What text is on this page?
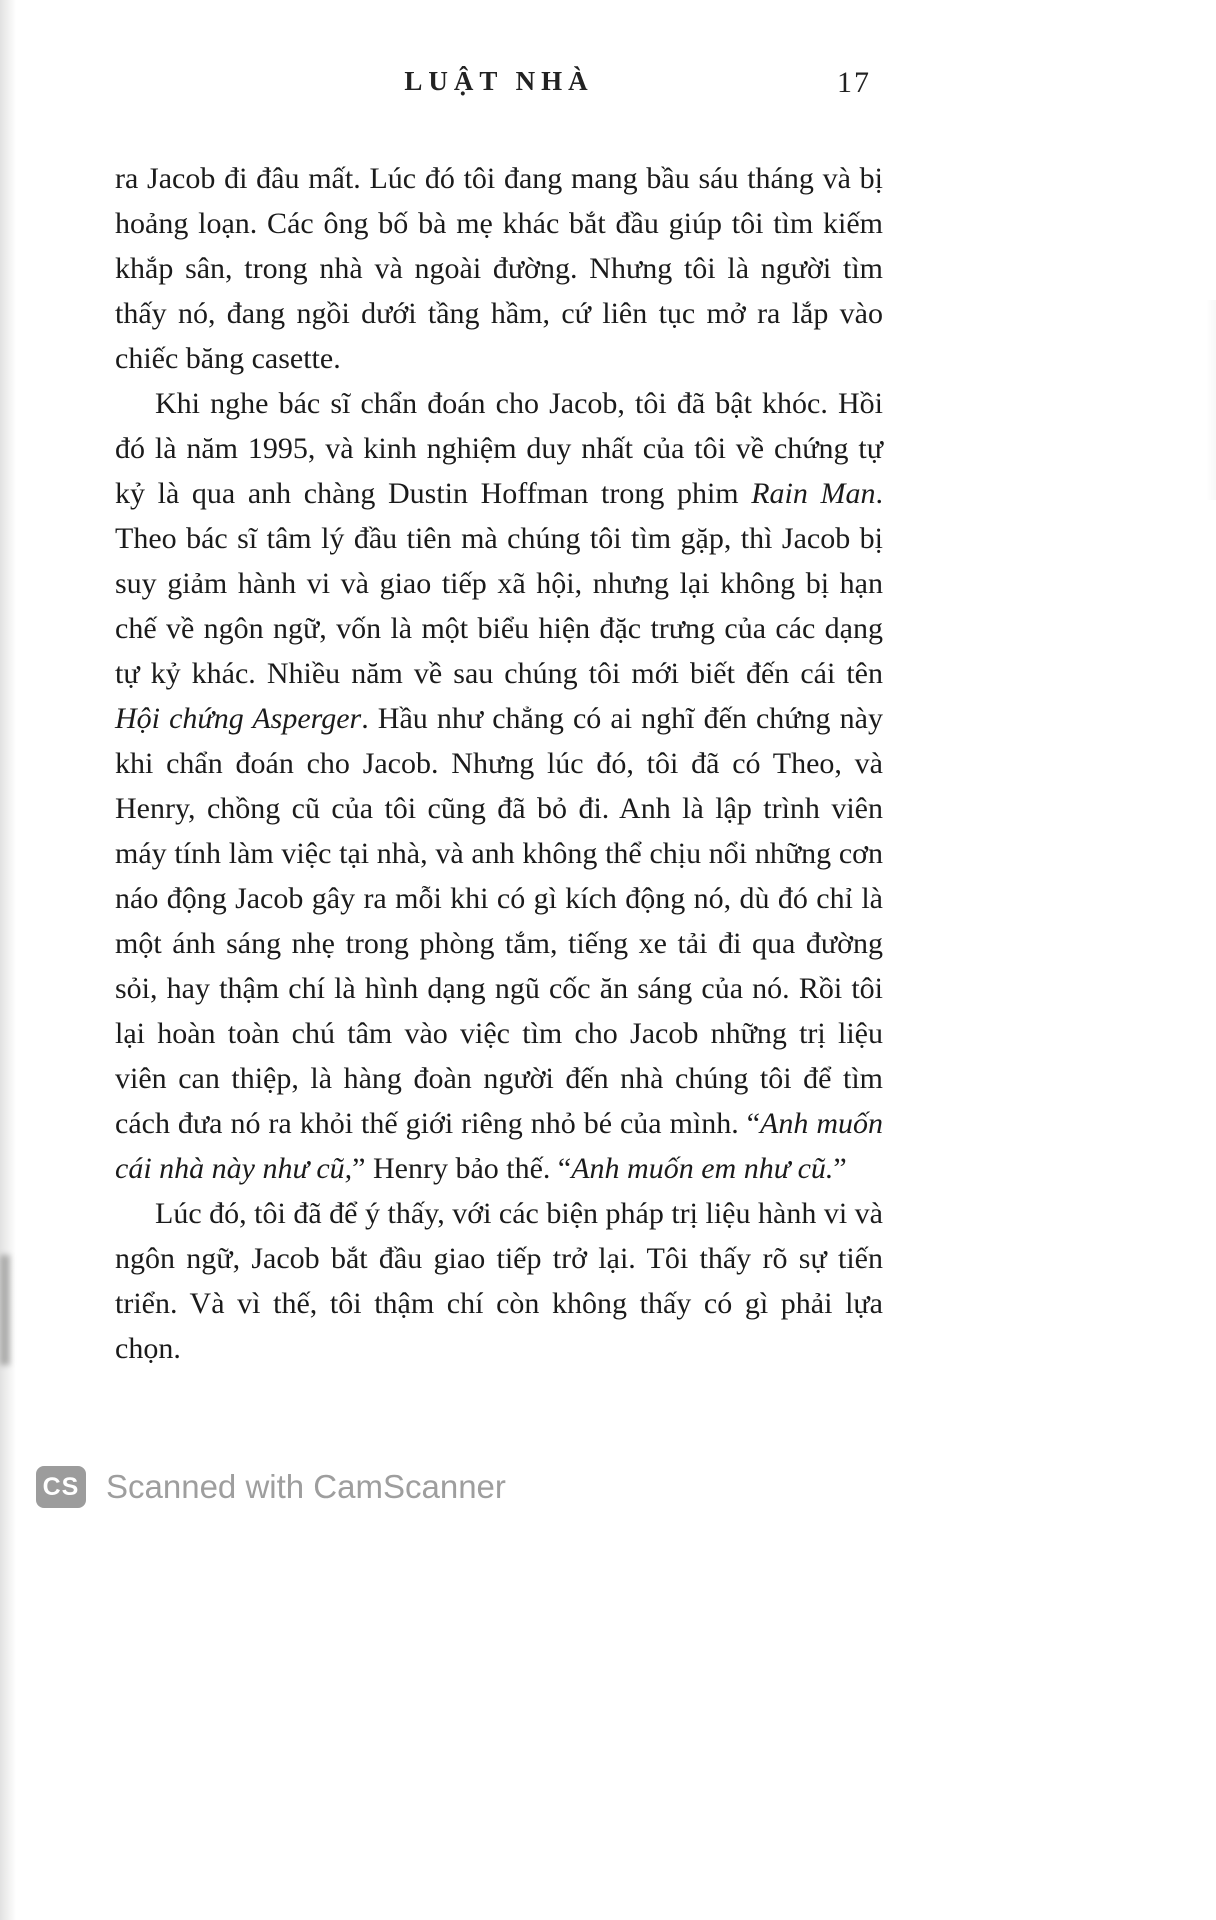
LUẬT NHÀ	17

ra Jacob đi đâu mất. Lúc đó tôi đang mang bầu sáu tháng và bị hoảng loạn. Các ông bố bà mẹ khác bắt đầu giúp tôi tìm kiếm khắp sân, trong nhà và ngoài đường. Nhưng tôi là người tìm thấy nó, đang ngồi dưới tầng hầm, cứ liên tục mở ra lắp vào chiếc băng casette.

Khi nghe bác sĩ chẩn đoán cho Jacob, tôi đã bật khóc. Hồi đó là năm 1995, và kinh nghiệm duy nhất của tôi về chứng tự kỷ là qua anh chàng Dustin Hoffman trong phim Rain Man. Theo bác sĩ tâm lý đầu tiên mà chúng tôi tìm gặp, thì Jacob bị suy giảm hành vi và giao tiếp xã hội, nhưng lại không bị hạn chế về ngôn ngữ, vốn là một biểu hiện đặc trưng của các dạng tự kỷ khác. Nhiều năm về sau chúng tôi mới biết đến cái tên Hội chứng Asperger. Hầu như chẳng có ai nghĩ đến chứng này khi chẩn đoán cho Jacob. Nhưng lúc đó, tôi đã có Theo, và Henry, chồng cũ của tôi cũng đã bỏ đi. Anh là lập trình viên máy tính làm việc tại nhà, và anh không thể chịu nổi những cơn náo động Jacob gây ra mỗi khi có gì kích động nó, dù đó chỉ là một ánh sáng nhẹ trong phòng tắm, tiếng xe tải đi qua đường sỏi, hay thậm chí là hình dạng ngũ cốc ăn sáng của nó. Rồi tôi lại hoàn toàn chú tâm vào việc tìm cho Jacob những trị liệu viên can thiệp, là hàng đoàn người đến nhà chúng tôi để tìm cách đưa nó ra khỏi thế giới riêng nhỏ bé của mình. “Anh muốn cái nhà này như cũ,” Henry bảo thế. “Anh muốn em như cũ.”

Lúc đó, tôi đã để ý thấy, với các biện pháp trị liệu hành vi và ngôn ngữ, Jacob bắt đầu giao tiếp trở lại. Tôi thấy rõ sự tiến triển. Và vì thế, tôi thậm chí còn không thấy có gì phải lựa chọn.

CS Scanned with CamScanner
